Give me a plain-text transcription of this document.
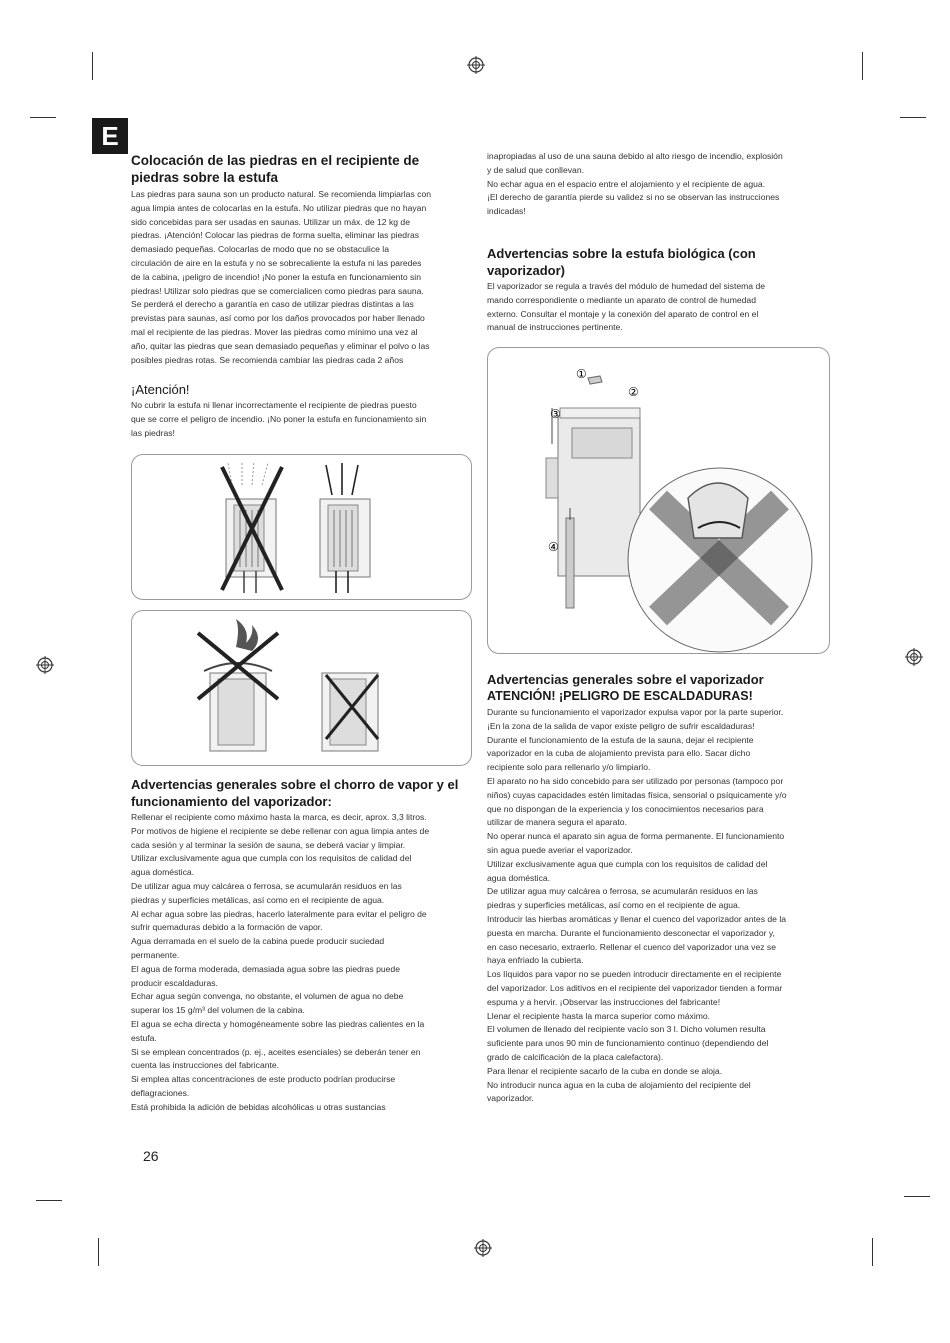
E
Colocación de las piedras en el recipiente de piedras sobre la estufa

Las piedras para sauna son un producto natural. Se recomienda limpiarlas con
agua limpia antes de colocarlas en la estufa. No utilizar piedras que no hayan
sido concebidas para ser usadas en saunas. Utilizar un máx. de 12 kg de
piedras. ¡Atención! Colocar las piedras de forma suelta, eliminar las piedras
demasiado pequeñas. Colocarlas de modo que no se obstaculice la
circulación de aire en la estufa y no se sobrecaliente la estufa ni las paredes
de la cabina, ¡peligro de incendio! ¡No poner la estufa en funcionamiento sin
piedras! Utilizar solo piedras que se comercialicen como piedras para sauna.
Se perderá el derecho a garantía en caso de utilizar piedras distintas a las
previstas para saunas, así como por los daños provocados por haber llenado
mal el recipiente de las piedras. Mover las piedras como mínimo una vez al
año, quitar las piedras que sean demasiado pequeñas y eliminar el polvo o las
posibles piedras rotas. Se recomienda cambiar las piedras cada 2 años

¡Atención!

No cubrir la estufa ni llenar incorrectamente el recipiente de piedras puesto
que se corre el peligro de incendio. ¡No poner la estufa en funcionamiento sin
las piedras!

Advertencias generales sobre el chorro de vapor y el funcionamiento del vaporizador:

Rellenar el recipiente como máximo hasta la marca, es decir, aprox. 3,3 litros.
Por motivos de higiene el recipiente se debe rellenar con agua limpia antes de
cada sesión y al terminar la sesión de sauna, se deberá vaciar y limpiar.
Utilizar exclusivamente agua que cumpla con los requisitos de calidad del
agua doméstica.
De utilizar agua muy calcárea o ferrosa, se acumularán residuos en las
piedras y superficies metálicas, así como en el recipiente de agua.
Al echar agua sobre las piedras, hacerlo lateralmente para evitar el peligro de
sufrir quemaduras debido a la formación de vapor.
Agua derramada en el suelo de la cabina puede producir suciedad
permanente.
El agua de forma moderada, demasiada agua sobre las piedras puede
producir escaldaduras.
Echar agua según convenga, no obstante, el volumen de agua no debe
superar los 15 g/m³ del volumen de la cabina.
El agua se echa directa y homogéneamente sobre las piedras calientes en la
estufa.
Si se emplean concentrados (p. ej., aceites esenciales) se deberán tener en
cuenta las instrucciones del fabricante.
Si emplea altas concentraciones de este producto podrían producirse
deflagraciones.
Está prohibida la adición de bebidas alcohólicas u otras sustancias

inapropiadas al uso de una sauna debido al alto riesgo de incendio, explosión
y de salud que conllevan.
No echar agua en el espacio entre el alojamiento y el recipiente de agua.
¡El derecho de garantía pierde su validez si no se observan las instrucciones
indicadas!

Advertencias sobre la estufa biológica (con vaporizador)

El vaporizador se regula a través del módulo de humedad del sistema de
mando correspondiente o mediante un aparato de control de humedad
externo. Consultar el montaje y la conexión del aparato de control en el
manual de instrucciones pertinente.

①
②
③
④
Advertencias generales sobre el vaporizador
ATENCIÓN! ¡PELIGRO DE ESCALDADURAS!

Durante su funcionamiento el vaporizador expulsa vapor por la parte superior.
¡En la zona de la salida de vapor existe peligro de sufrir escaldaduras!
Durante el funcionamiento de la estufa de la sauna, dejar el recipiente
vaporizador en la cuba de alojamiento prevista para ello. Sacar dicho
recipiente solo para rellenarlo y/o limpiarlo.
El aparato no ha sido concebido para ser utilizado por personas (tampoco por
niños) cuyas capacidades estén limitadas física, sensorial o psíquicamente y/o
que no dispongan de la experiencia y los conocimientos necesarios para
utilizar de manera segura el aparato.
No operar nunca el aparato sin agua de forma permanente. El funcionamiento
sin agua puede averiar el vaporizador.
Utilizar exclusivamente agua que cumpla con los requisitos de calidad del
agua doméstica.
De utilizar agua muy calcárea o ferrosa, se acumularán residuos en las
piedras y superficies metálicas, así como en el recipiente de agua.
Introducir las hierbas aromáticas y llenar el cuenco del vaporizador antes de la
puesta en marcha. Durante el funcionamiento desconectar el vaporizador y,
en caso necesario, extraerlo. Rellenar el cuenco del vaporizador una vez se
haya enfriado la cubierta.
Los líquidos para vapor no se pueden introducir directamente en el recipiente
del vaporizador. Los aditivos en el recipiente del vaporizador tienden a formar
espuma y a hervir. ¡Observar las instrucciones del fabricante!
Llenar el recipiente hasta la marca superior como máximo.
El volumen de llenado del recipiente vacío son 3 l. Dicho volumen resulta
suficiente para unos 90 min de funcionamiento continuo (dependiendo del
grado de calcificación de la placa calefactora).
Para llenar el recipiente sacarlo de la cuba en donde se aloja.
No introducir nunca agua en la cuba de alojamiento del recipiente del
vaporizador.

26
